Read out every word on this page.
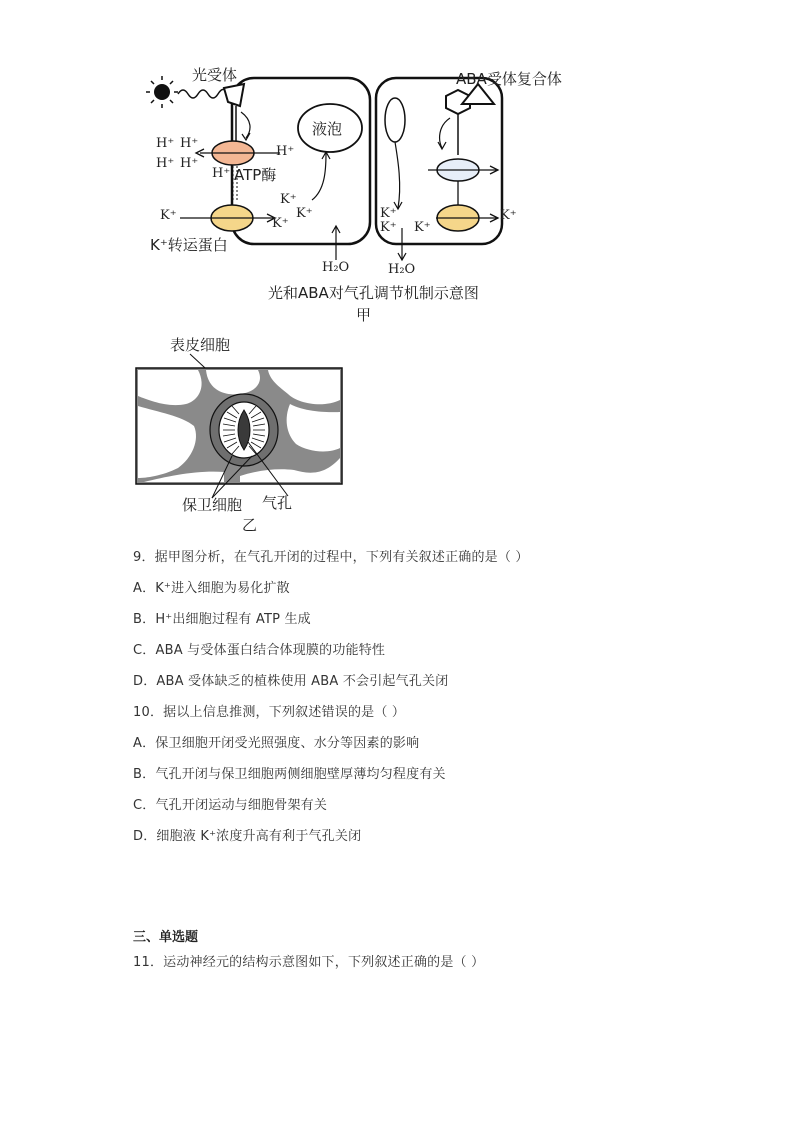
光受体	ABA受体复合体
液泡
H⁺ H⁺
H⁺ H⁺
H⁺
H⁺ ATP酶
K⁺
K⁺
K⁺
K⁺
K⁺转运蛋白
K⁺
K⁺ K⁺
K⁺
H₂O	H₂O
光和ABA对气孔调节机制示意图
甲
表皮细胞
保卫细胞 气孔
乙
9．据甲图分析，在气孔开闭的过程中，下列有关叙述正确的是（ ）
A．K⁺进入细胞为易化扩散
B．H⁺出细胞过程有 ATP 生成
C．ABA 与受体蛋白结合体现膜的功能特性
D．ABA 受体缺乏的植株使用 ABA 不会引起气孔关闭
10．据以上信息推测，下列叙述错误的是（ ）
A．保卫细胞开闭受光照强度、水分等因素的影响
B．气孔开闭与保卫细胞两侧细胞壁厚薄均匀程度有关
C．气孔开闭运动与细胞骨架有关
D．细胞液 K⁺浓度升高有利于气孔关闭
三、单选题
11．运动神经元的结构示意图如下，下列叙述正确的是（ ）
